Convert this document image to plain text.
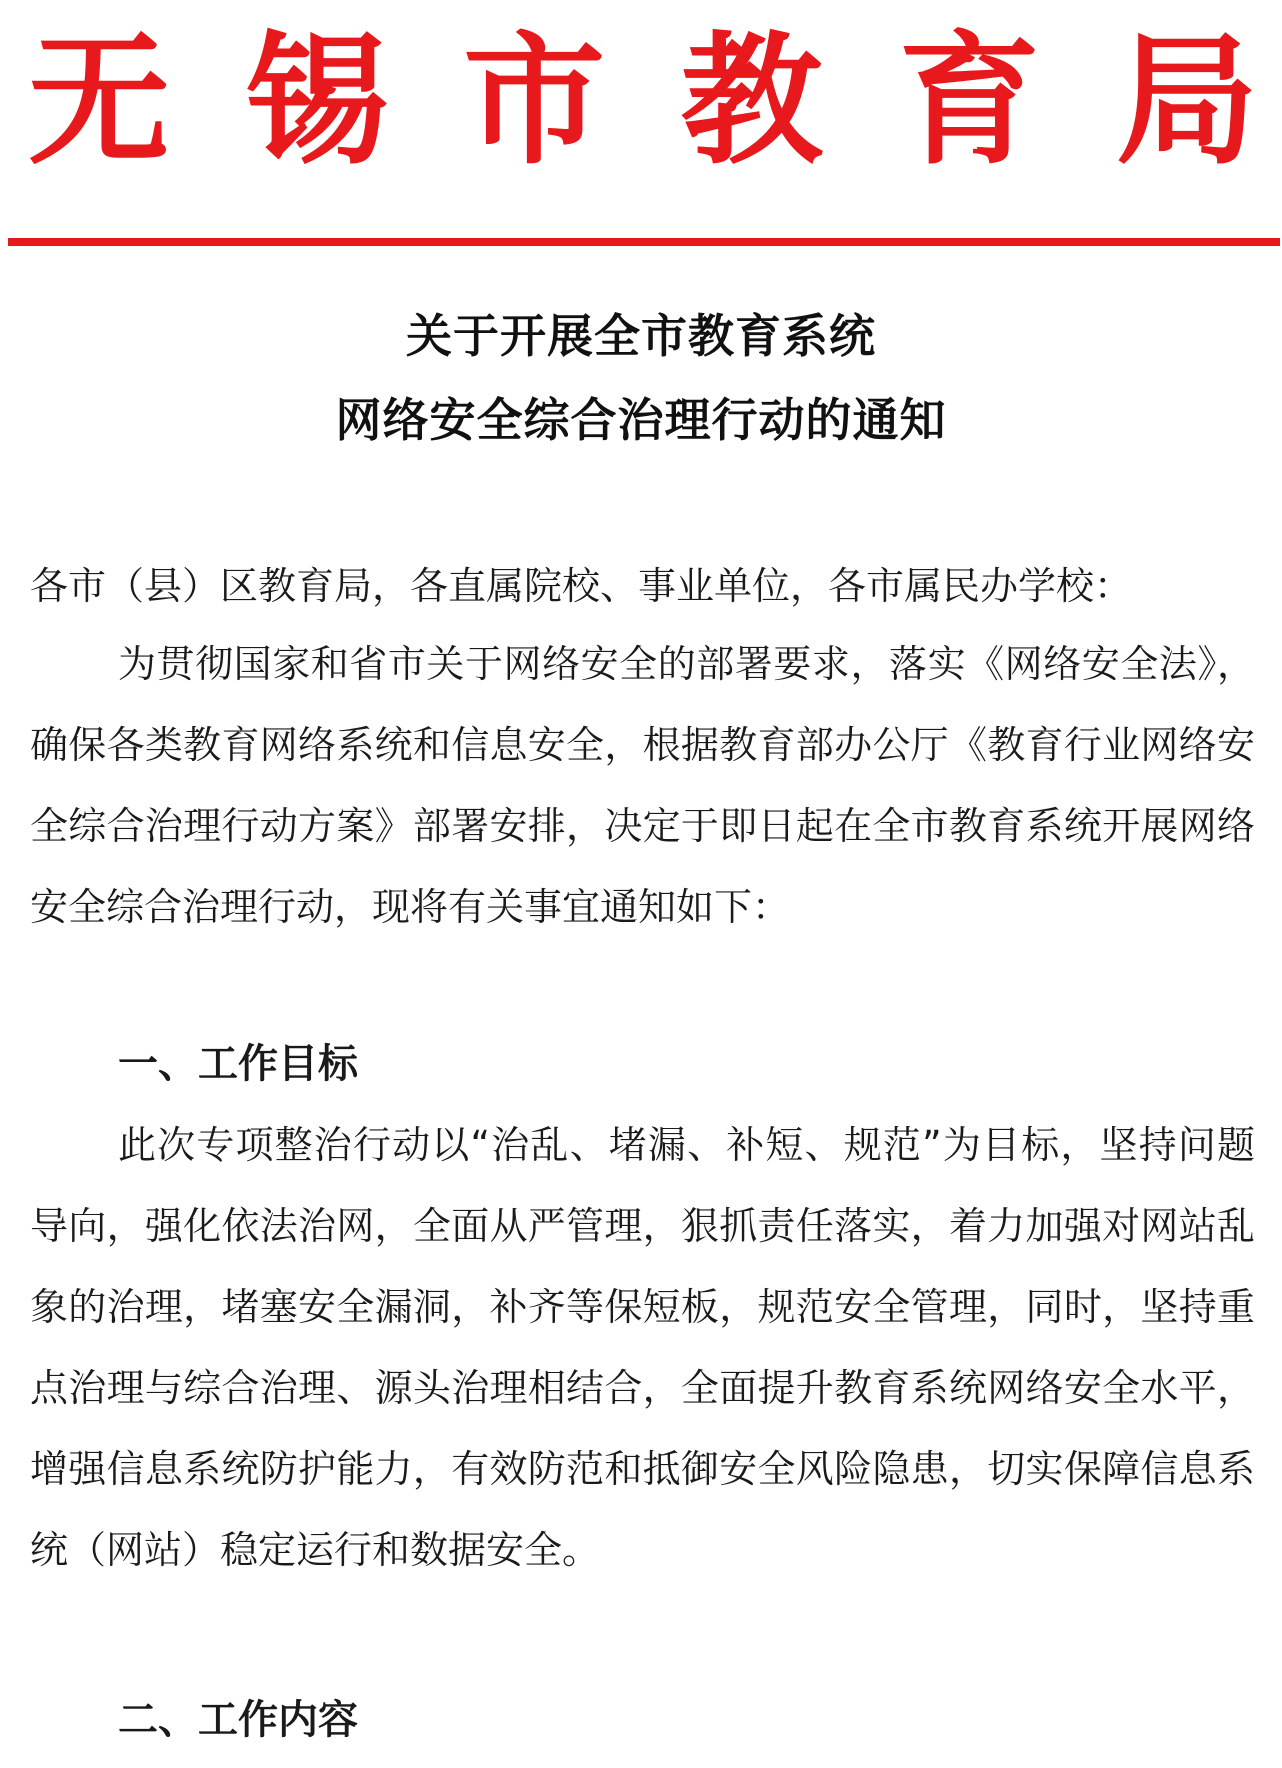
无 锡 市 教 育 局
关于开展全市教育系统
网络安全综合治理行动的通知
各市（县）区教育局，各直属院校、事业单位，各市属民办学校：
为贯彻国家和省市关于网络安全的部署要求，落实《网络安全法》，确保各类教育网络系统和信息安全，根据教育部办公厅《教育行业网络安全综合治理行动方案》部署安排，决定于即日起在全市教育系统开展网络安全综合治理行动，现将有关事宜通知如下：
一、工作目标
此次专项整治行动以“治乱、堵漏、补短、规范”为目标，坚持问题导向，强化依法治网，全面从严管理，狠抓责任落实，着力加强对网站乱象的治理，堵塞安全漏洞，补齐等保短板，规范安全管理，同时，坚持重点治理与综合治理、源头治理相结合，全面提升教育系统网络安全水平，增强信息系统防护能力，有效防范和抵御安全风险隐患，切实保障信息系统（网站）稳定运行和数据安全。
二、工作内容
